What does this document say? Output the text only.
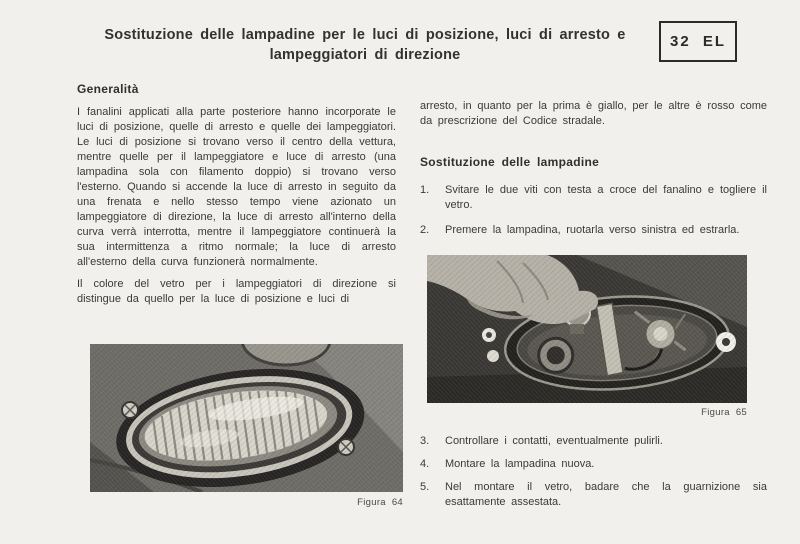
Sostituzione delle lampadine per le luci di posizione, luci di arresto e
lampeggiatori di direzione
32 EL
Generalità

I fanalini applicati alla parte posteriore hanno incorporate le luci di posizione, quelle di arresto e quelle dei lampeggiatori. Le luci di posizione si trovano verso il centro della vettura, mentre quelle per il lampeggiatore e luce di arresto (una lampadina sola con filamento doppio) si trovano verso l'esterno. Quando si accende la luce di arresto in seguito da una frenata e nello stesso tempo viene azionato un lampeggiatore di direzione, la luce di arresto all'interno della curva verrà interrotta, mentre il lampeggiatore continuerà la sua intermittenza a ritmo normale; la luce di arresto all'esterno della curva funzionerà normalmente.

Il colore del vetro per i lampeggiatori di direzione si distingue da quello per la luce di posizione e luci di

arresto, in quanto per la prima è giallo, per le altre è rosso come da prescrizione del Codice stradale.

Sostituzione delle lampadine
1.	Svitare le due viti con testa a croce del fanalino e togliere il vetro.
2.	Premere la lampadina, ruotarla verso sinistra ed estrarla.
Figura 64
Figura 65
3.	Controllare i contatti, eventualmente pulirli.
4.	Montare la lampadina nuova.
5.	Nel montare il vetro, badare che la guarnizione sia esattamente assestata.
